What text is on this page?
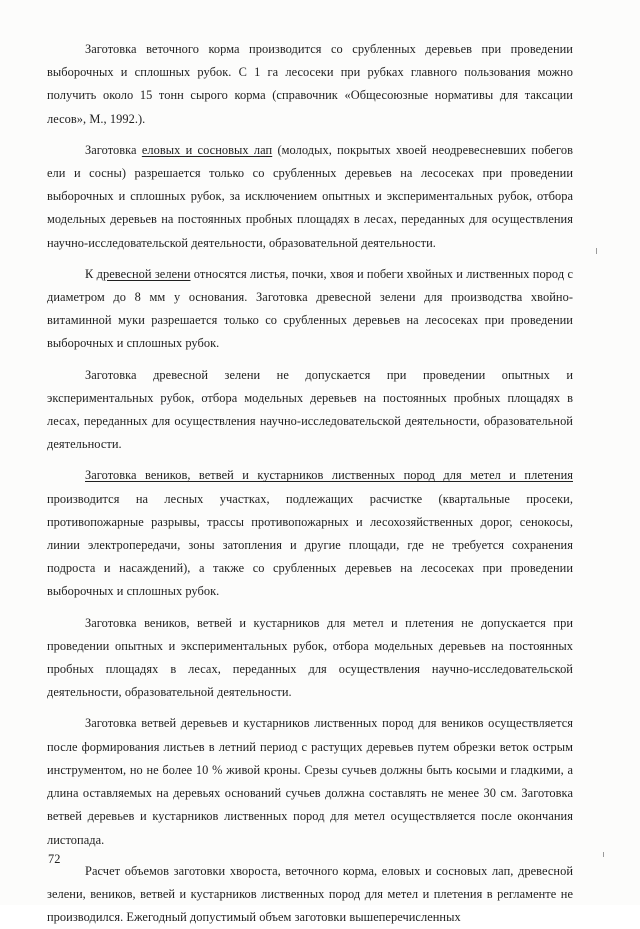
Заготовка веточного корма производится со срубленных деревьев при проведении выборочных и сплошных рубок. С 1 га лесосеки при рубках главного пользования можно получить около 15 тонн сырого корма (справочник «Общесоюзные нормативы для таксации лесов», М., 1992.).

Заготовка еловых и сосновых лап (молодых, покрытых хвоей неодревесневших побегов ели и сосны) разрешается только со срубленных деревьев на лесосеках при проведении выборочных и сплошных рубок, за исключением опытных и экспериментальных рубок, отбора модельных деревьев на постоянных пробных площадях в лесах, переданных для осуществления научно-исследовательской деятельности, образовательной деятельности.

К древесной зелени относятся листья, почки, хвоя и побеги хвойных и лиственных пород с диаметром до 8 мм у основания. Заготовка древесной зелени для производства хвойно-витаминной муки разрешается только со срубленных деревьев на лесосеках при проведении выборочных и сплошных рубок.

Заготовка древесной зелени не допускается при проведении опытных и экспериментальных рубок, отбора модельных деревьев на постоянных пробных площадях в лесах, переданных для осуществления научно-исследовательской деятельности, образовательной деятельности.

Заготовка веников, ветвей и кустарников лиственных пород для метел и плетения производится на лесных участках, подлежащих расчистке (квартальные просеки, противопожарные разрывы, трассы противопожарных и лесохозяйственных дорог, сенокосы, линии электропередачи, зоны затопления и другие площади, где не требуется сохранения подроста и насаждений), а также со срубленных деревьев на лесосеках при проведении выборочных и сплошных рубок.

Заготовка веников, ветвей и кустарников для метел и плетения не допускается при проведении опытных и экспериментальных рубок, отбора модельных деревьев на постоянных пробных площадях в лесах, переданных для осуществления научно-исследовательской деятельности, образовательной деятельности.

Заготовка ветвей деревьев и кустарников лиственных пород для веников осуществляется после формирования листьев в летний период с растущих деревьев путем обрезки веток острым инструментом, но не более 10 % живой кроны. Срезы сучьев должны быть косыми и гладкими, а длина оставляемых на деревьях оснований сучьев должна составлять не менее 30 см. Заготовка ветвей деревьев и кустарников лиственных пород для метел осуществляется после окончания листопада.

Расчет объемов заготовки хвороста, веточного корма, еловых и сосновых лап, древесной зелени, веников, ветвей и кустарников лиственных пород для метел и плетения в регламенте не производился. Ежегодный допустимый объем заготовки вышеперечисленных

72
